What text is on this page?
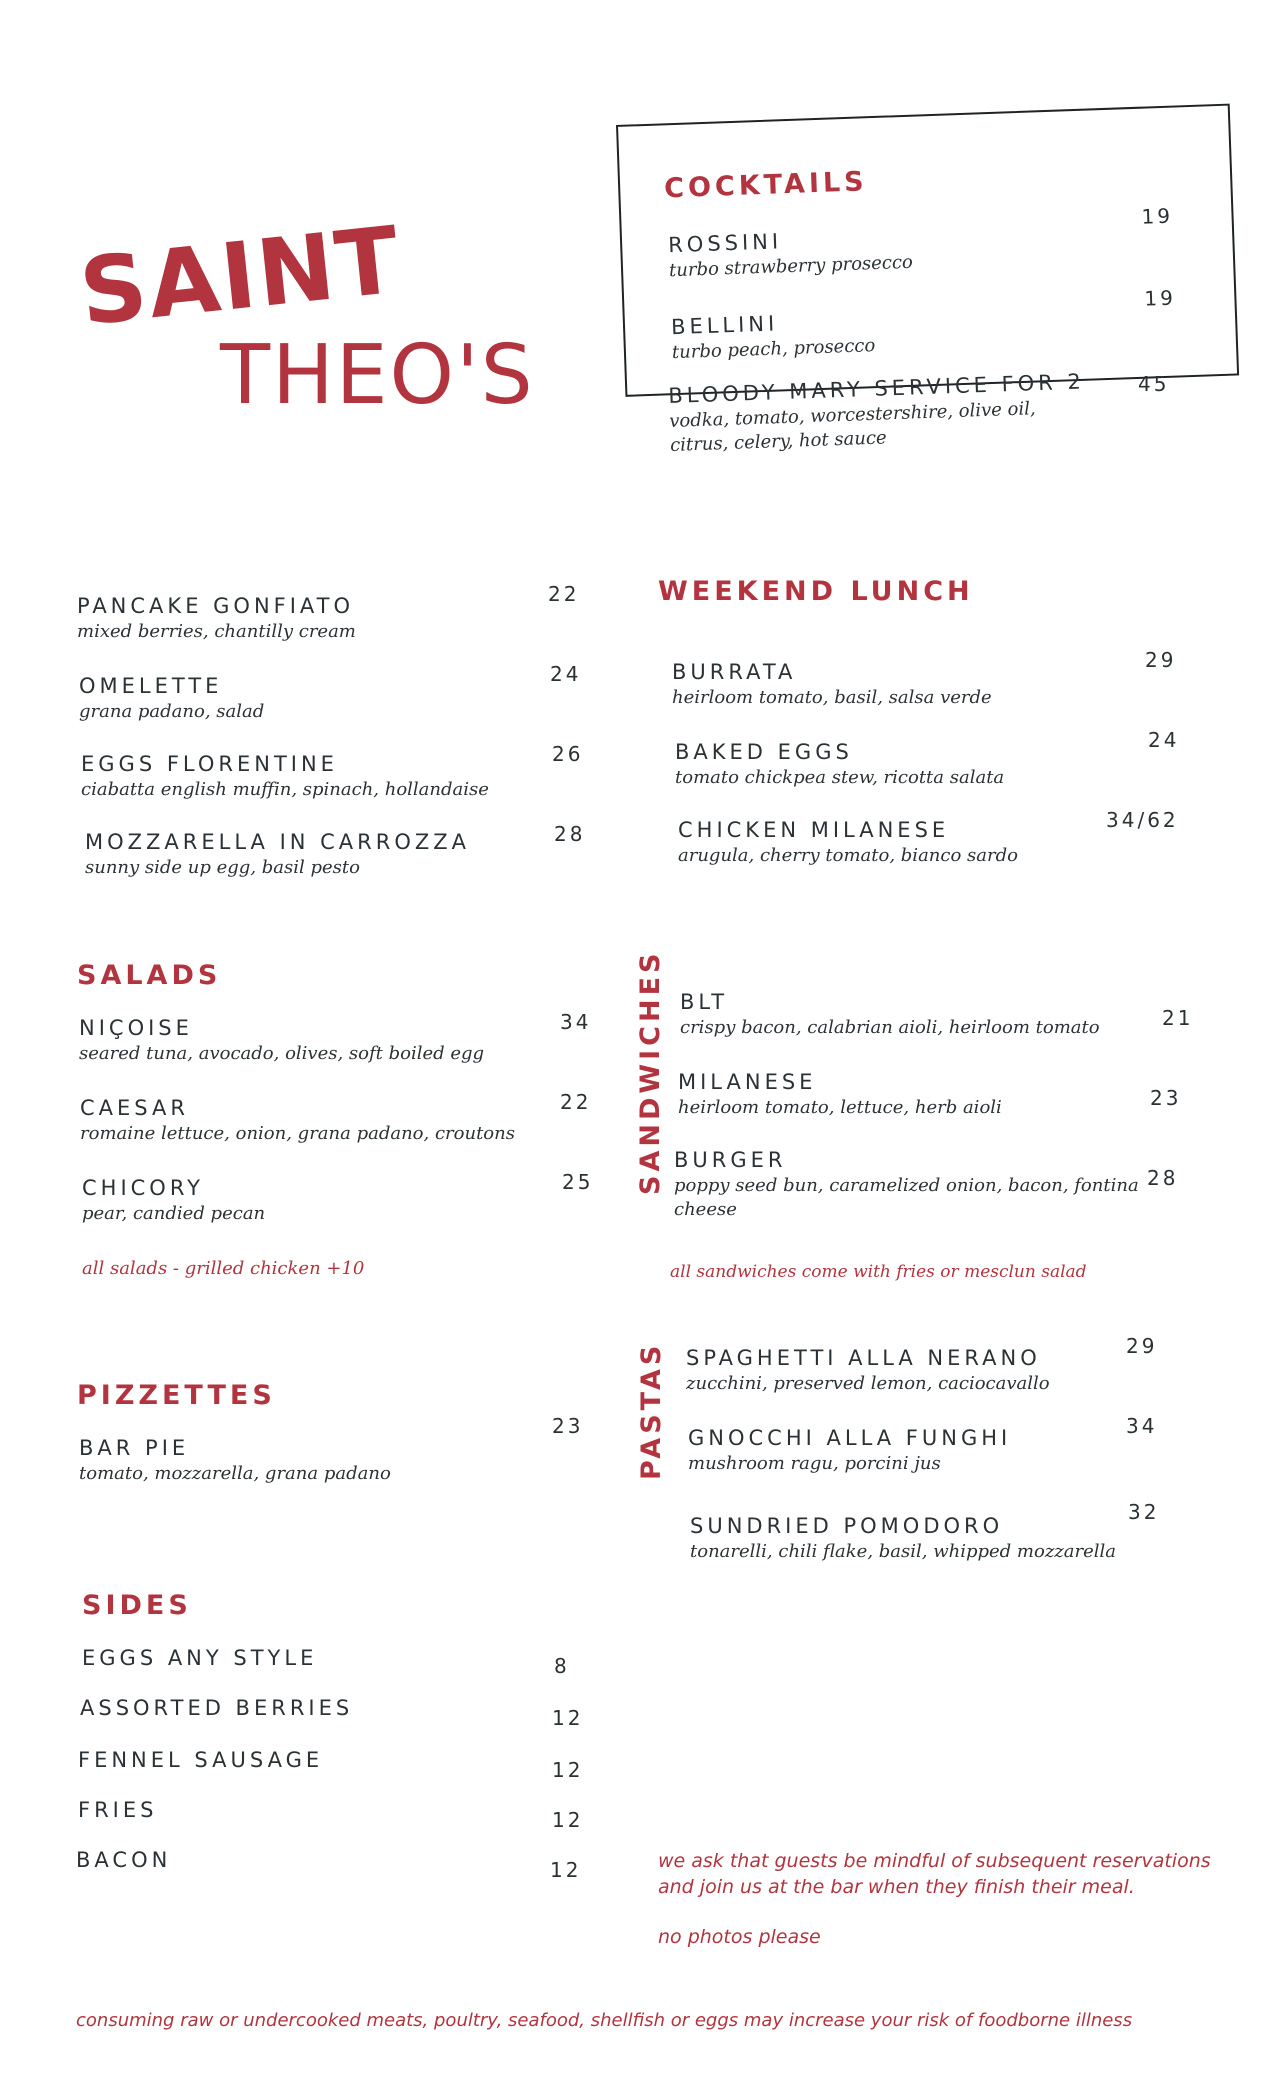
SAINT
THEO'S
COCKTAILS
ROSSINI
turbo strawberry prosecco
19
BELLINI
turbo peach, prosecco
19
BLOODY MARY SERVICE FOR 2
vodka, tomato, worcestershire, olive oil,
citrus, celery, hot sauce
45
PANCAKE GONFIATO
mixed berries, chantilly cream
22
OMELETTE
grana padano, salad
24
EGGS FLORENTINE
ciabatta english muffin, spinach, hollandaise
26
MOZZARELLA IN CARROZZA
sunny side up egg, basil pesto
28
WEEKEND LUNCH
BURRATA
heirloom tomato, basil, salsa verde
29
BAKED EGGS
tomato chickpea stew, ricotta salata
24
CHICKEN MILANESE
arugula, cherry tomato, bianco sardo
34/62
SALADS
NIÇOISE
seared tuna, avocado, olives, soft boiled egg
34
CAESAR
romaine lettuce, onion, grana padano, croutons
22
CHICORY
pear, candied pecan
25
all salads - grilled chicken +10
SANDWICHES BLT
crispy bacon, calabrian aioli, heirloom tomato	21
MILANESE
heirloom tomato, lettuce, herb aioli	23
BURGER
poppy seed bun, caramelized onion, bacon, fontina
cheese
28
all sandwiches come with fries or mesclun salad
PIZZETTES
BAR PIE
tomato, mozzarella, grana padano
23 PASTAS SPAGHETTI ALLA NERANO
zucchini, preserved lemon, caciocavallo
29
GNOCCHI ALLA FUNGHI
mushroom ragu, porcini jus
34
SUNDRIED POMODORO
tonarelli, chili flake, basil, whipped mozzarella
32
SIDES
EGGS ANY STYLE	8
ASSORTED BERRIES	12
FENNEL SAUSAGE	12
FRIES	12
BACON	12	we ask that guests be mindful of subsequent reservations
and join us at the bar when they finish their meal.
no photos please
consuming raw or undercooked meats, poultry, seafood, shellfish or eggs may increase your risk of foodborne illness
